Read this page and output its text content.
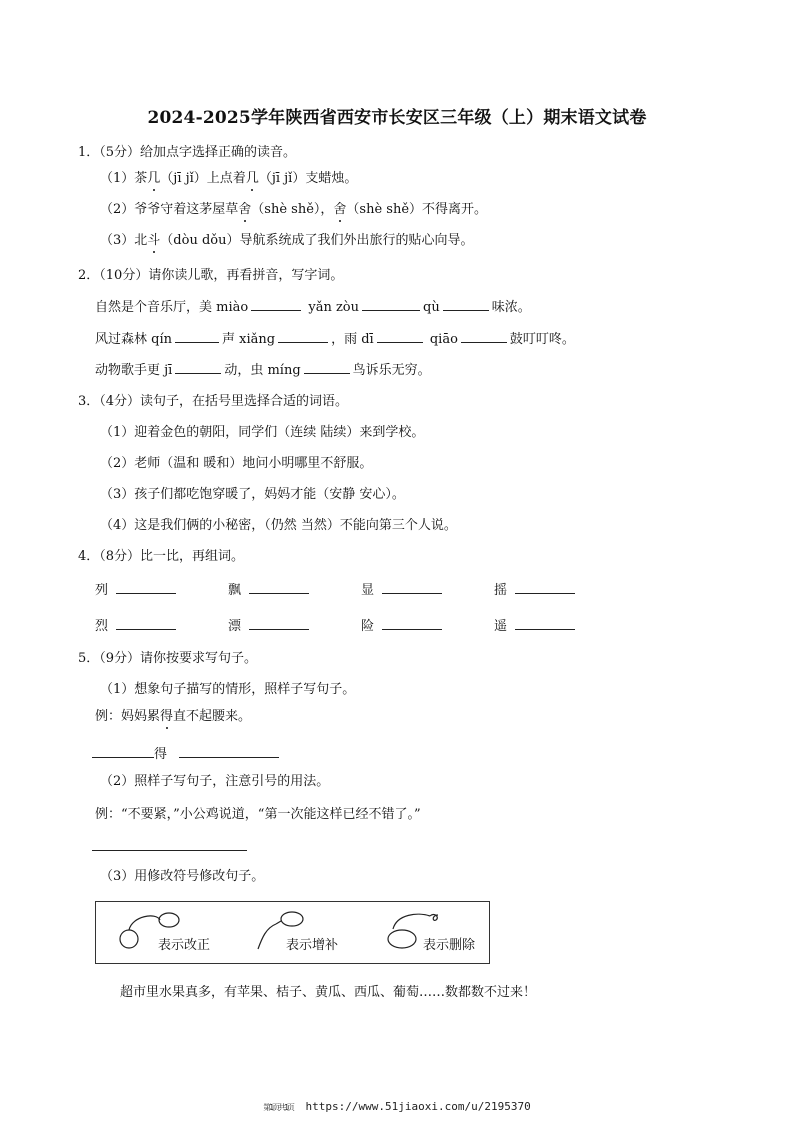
2024-2025学年陕西省西安市长安区三年级（上）期末语文试卷
1．（5分）给加点字选择正确的读音。
（1）茶几（jī jǐ）上点着几（jī jǐ）支蜡烛。
（2）爷爷守着这茅屋草舍（shè shě），舍（shè shě）不得离开。
（3）北斗（dòu dǒu）导航系统成了我们外出旅行的贴心向导。
2．（10分）请你读儿歌，再看拼音，写字词。
自然是个音乐厅，美 miào	yǎn zòu	qù	味浓。
风过森林 qín	声 xiǎng	，雨 dī	qiāo	鼓叮叮咚。
动物歌手更 jī	动，虫 míng	鸟诉乐无穷。
3．（4分）读句子，在括号里选择合适的词语。
（1）迎着金色的朝阳，同学们（连续 陆续）来到学校。
（2）老师（温和 暖和）地问小明哪里不舒服。
（3）孩子们都吃饱穿暖了，妈妈才能（安静 安心）。
（4）这是我们俩的小秘密，（仍然 当然）不能向第三个人说。
4．（8分）比一比，再组词。
列	飘	显	摇
烈	漂	险	遥
5．（9分）请你按要求写句子。
（1）想象句子描写的情形，照样子写句子。
例：妈妈累得直不起腰来。
得
（2）照样子写句子，注意引号的用法。
例：“不要紧，”小公鸡说道，“第一次能这样已经不错了。”
（3）用修改符号修改句子。
表示改正	表示增补	表示删除
超市里水果真多，有苹果、桔子、黄瓜、西瓜、葡萄……数都数不过来！
第1页共1页 https://www.51jiaoxi.com/u/2195370
